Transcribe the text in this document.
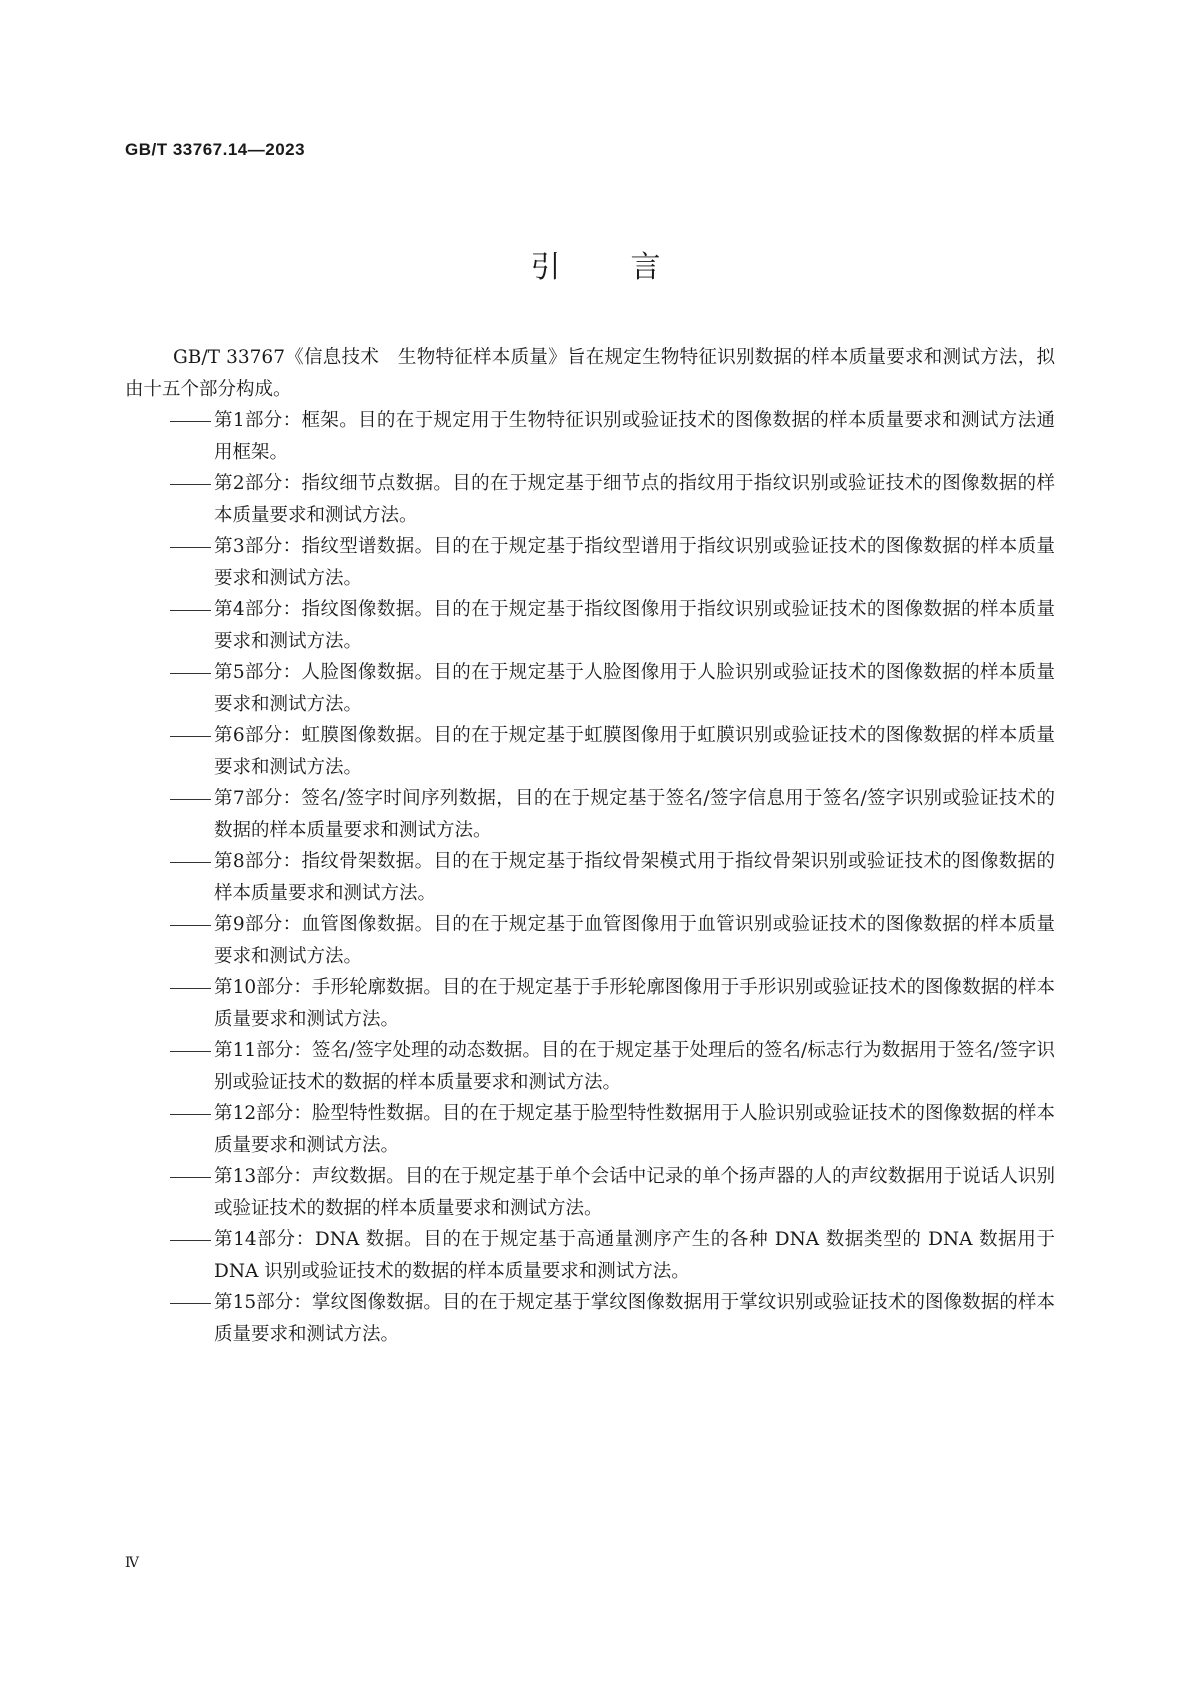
GB/T 33767.14—2023
引言

GB/T 33767《信息技术　生物特征样本质量》旨在规定生物特征识别数据的样本质量要求和测试方法，拟由十五个部分构成。

第1部分：框架。目的在于规定用于生物特征识别或验证技术的图像数据的样本质量要求和测试方法通用框架。
第2部分：指纹细节点数据。目的在于规定基于细节点的指纹用于指纹识别或验证技术的图像数据的样本质量要求和测试方法。
第3部分：指纹型谱数据。目的在于规定基于指纹型谱用于指纹识别或验证技术的图像数据的样本质量要求和测试方法。
第4部分：指纹图像数据。目的在于规定基于指纹图像用于指纹识别或验证技术的图像数据的样本质量要求和测试方法。
第5部分：人脸图像数据。目的在于规定基于人脸图像用于人脸识别或验证技术的图像数据的样本质量要求和测试方法。
第6部分：虹膜图像数据。目的在于规定基于虹膜图像用于虹膜识别或验证技术的图像数据的样本质量要求和测试方法。
第7部分：签名/签字时间序列数据，目的在于规定基于签名/签字信息用于签名/签字识别或验证技术的数据的样本质量要求和测试方法。
第8部分：指纹骨架数据。目的在于规定基于指纹骨架模式用于指纹骨架识别或验证技术的图像数据的样本质量要求和测试方法。
第9部分：血管图像数据。目的在于规定基于血管图像用于血管识别或验证技术的图像数据的样本质量要求和测试方法。
第10部分：手形轮廓数据。目的在于规定基于手形轮廓图像用于手形识别或验证技术的图像数据的样本质量要求和测试方法。
第11部分：签名/签字处理的动态数据。目的在于规定基于处理后的签名/标志行为数据用于签名/签字识别或验证技术的数据的样本质量要求和测试方法。
第12部分：脸型特性数据。目的在于规定基于脸型特性数据用于人脸识别或验证技术的图像数据的样本质量要求和测试方法。
第13部分：声纹数据。目的在于规定基于单个会话中记录的单个扬声器的人的声纹数据用于说话人识别或验证技术的数据的样本质量要求和测试方法。
第14部分：DNA 数据。目的在于规定基于高通量测序产生的各种 DNA 数据类型的 DNA 数据用于 DNA 识别或验证技术的数据的样本质量要求和测试方法。
第15部分：掌纹图像数据。目的在于规定基于掌纹图像数据用于掌纹识别或验证技术的图像数据的样本质量要求和测试方法。
Ⅳ
